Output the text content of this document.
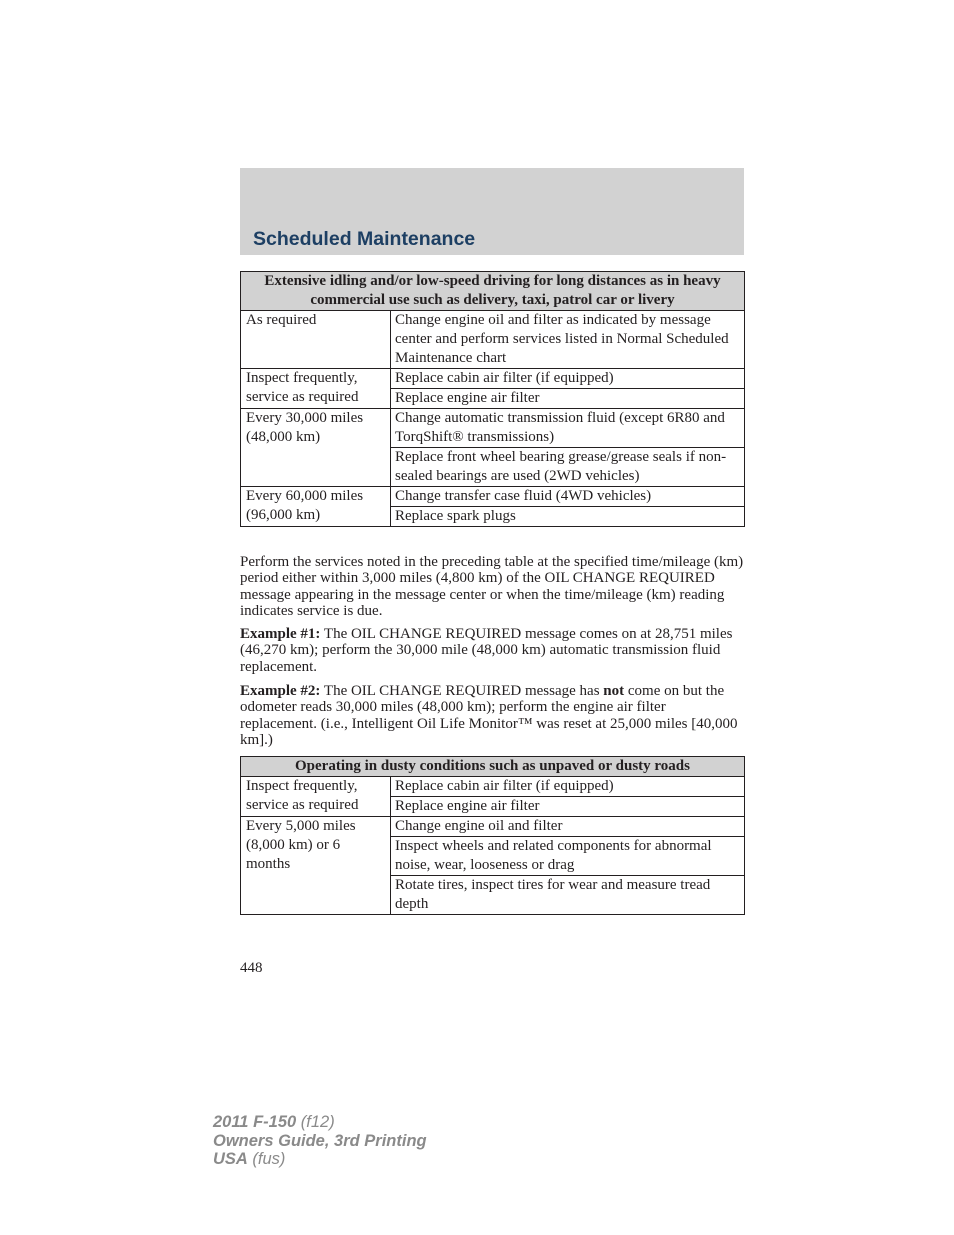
Scheduled Maintenance
Extensive idling and/or low-speed driving for long distances as in heavy commercial use such as delivery, taxi, patrol car or livery	
As required	Change engine oil and filter as indicated by message center and perform services listed in Normal Scheduled Maintenance chart
Inspect frequently, service as required	Replace cabin air filter (if equipped)
	Replace engine air filter
Every 30,000 miles (48,000 km)	Change automatic transmission fluid (except 6R80 and TorqShift® transmissions)
	Replace front wheel bearing grease/grease seals if non-sealed bearings are used (2WD vehicles)
Every 60,000 miles (96,000 km)	Change transfer case fluid (4WD vehicles)
	Replace spark plugs

Perform the services noted in the preceding table at the specified time/mileage (km) period either within 3,000 miles (4,800 km) of the OIL CHANGE REQUIRED message appearing in the message center or when the time/mileage (km) reading indicates service is due.

Example #1: The OIL CHANGE REQUIRED message comes on at 28,751 miles (46,270 km); perform the 30,000 mile (48,000 km) automatic transmission fluid replacement.

Example #2: The OIL CHANGE REQUIRED message has not come on but the odometer reads 30,000 miles (48,000 km); perform the engine air filter replacement. (i.e., Intelligent Oil Life Monitor™ was reset at 25,000 miles [40,000 km].)

Operating in dusty conditions such as unpaved or dusty roads	
Inspect frequently, service as required	Replace cabin air filter (if equipped)
	Replace engine air filter
Every 5,000 miles (8,000 km) or 6 months	Change engine oil and filter
	Inspect wheels and related components for abnormal noise, wear, looseness or drag
	Rotate tires, inspect tires for wear and measure tread depth
448
2011 F-150 (f12)
Owners Guide, 3rd Printing
USA (fus)
